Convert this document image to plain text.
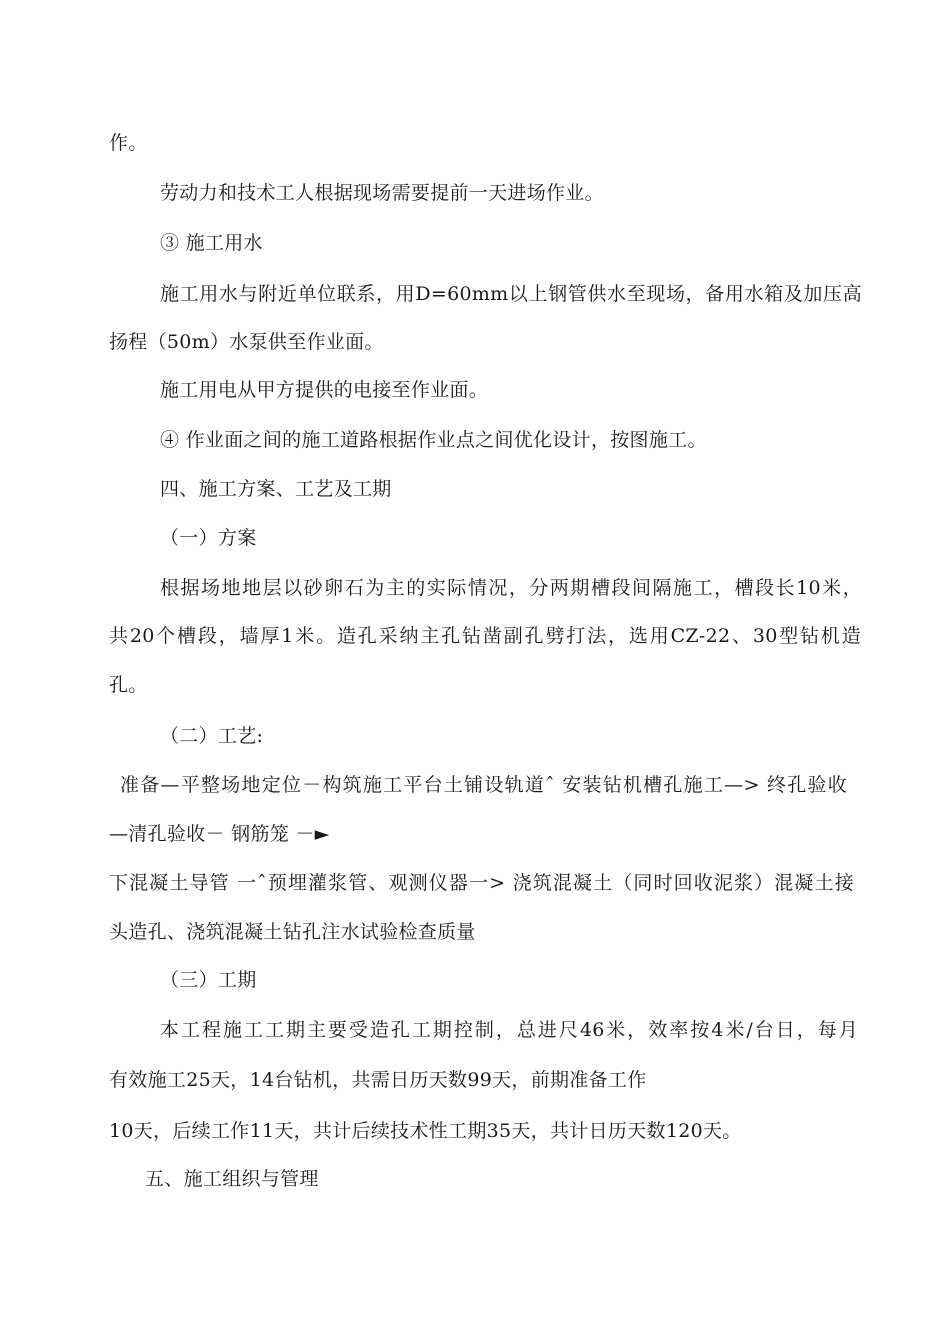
作。
劳动力和技术工人根据现场需要提前一天进场作业。
③ 施工用水
施工用水与附近单位联系，用D=60mm以上钢管供水至现场，备用水箱及加压高
扬程（50m）水泵供至作业面。
施工用电从甲方提供的电接至作业面。
④ 作业面之间的施工道路根据作业点之间优化设计，按图施工。
四、施工方案、工艺及工期
（一）方案
根据场地地层以砂卵石为主的实际情况，分两期槽段间隔施工，槽段长10米，
共20个槽段，墙厚1米。造孔采纳主孔钻凿副孔劈打法，选用CZ-22、30型钻机造
孔。
（二）工艺:
准备—平整场地定位－构筑施工平台土铺设轨道ˆ 安装钻机槽孔施工—> 终孔验收
—清孔验收－ 钢筋笼 －►
下混凝土导管 一ˆ预埋灌浆管、观测仪器一> 浇筑混凝土（同时回收泥浆）混凝土接
头造孔、浇筑混凝土钻孔注水试验检查质量
（三）工期
本工程施工工期主要受造孔工期控制，总进尺46米，效率按4米/台日，每月
有效施工25天，14台钻机，共需日历天数99天，前期准备工作
10天，后续工作11天，共计后续技术性工期35天，共计日历天数120天。
五、施工组织与管理
